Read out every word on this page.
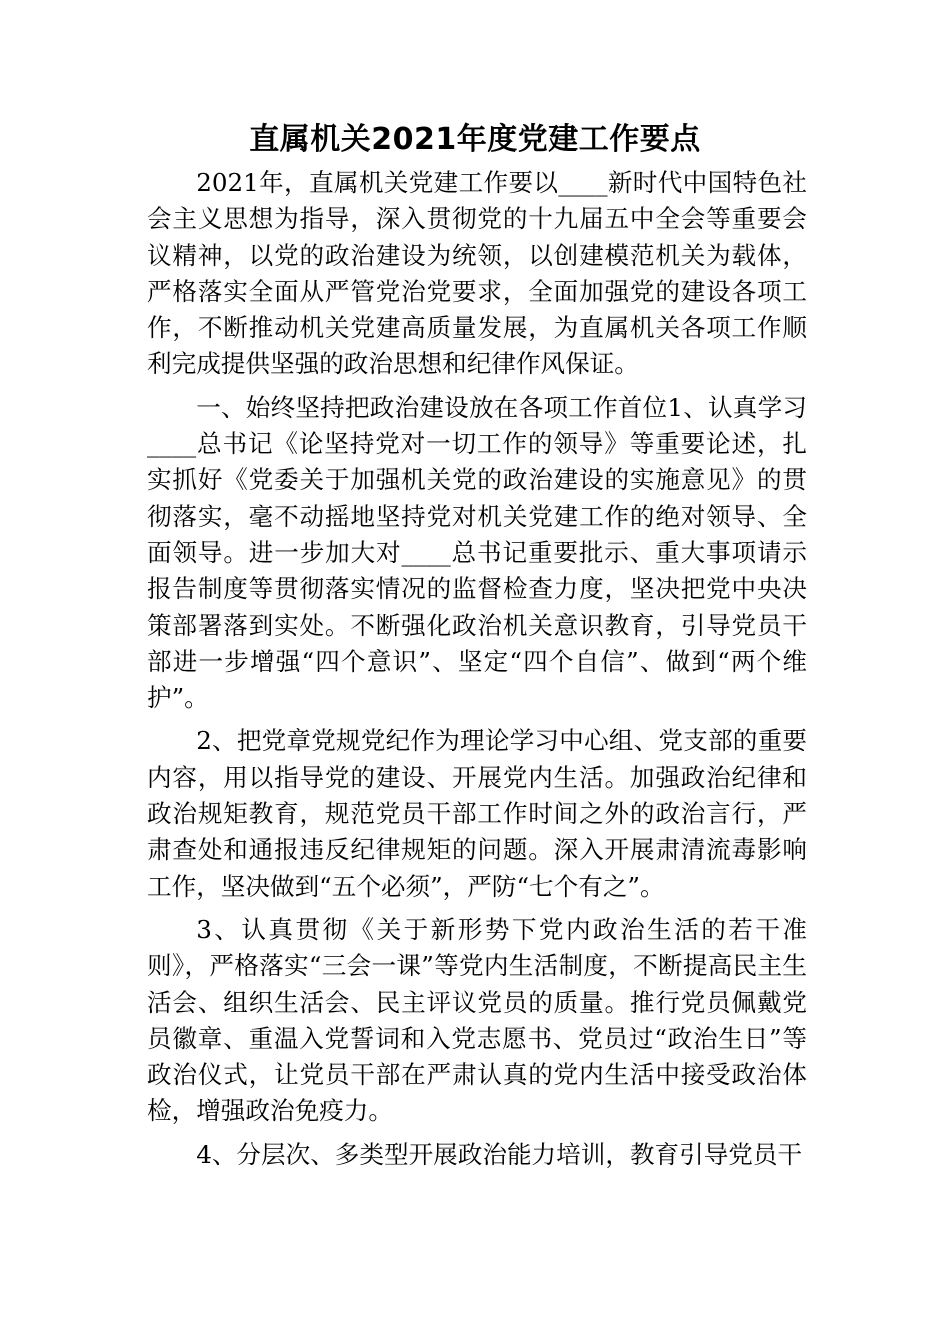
直属机关2021年度党建工作要点

2021年，直属机关党建工作要以____新时代中国特色社会主义思想为指导，深入贯彻党的十九届五中全会等重要会议精神，以党的政治建设为统领，以创建模范机关为载体，严格落实全面从严管党治党要求，全面加强党的建设各项工作，不断推动机关党建高质量发展，为直属机关各项工作顺利完成提供坚强的政治思想和纪律作风保证。

一、始终坚持把政治建设放在各项工作首位1、认真学习____总书记《论坚持党对一切工作的领导》等重要论述，扎实抓好《党委关于加强机关党的政治建设的实施意见》的贯彻落实，毫不动摇地坚持党对机关党建工作的绝对领导、全面领导。进一步加大对____总书记重要批示、重大事项请示报告制度等贯彻落实情况的监督检查力度，坚决把党中央决策部署落到实处。不断强化政治机关意识教育，引导党员干部进一步增强“四个意识”、坚定“四个自信”、做到“两个维护”。

2、把党章党规党纪作为理论学习中心组、党支部的重要内容，用以指导党的建设、开展党内生活。加强政治纪律和政治规矩教育，规范党员干部工作时间之外的政治言行，严肃查处和通报违反纪律规矩的问题。深入开展肃清流毒影响工作，坚决做到“五个必须”，严防“七个有之”。

3、认真贯彻《关于新形势下党内政治生活的若干准则》，严格落实“三会一课”等党内生活制度，不断提高民主生活会、组织生活会、民主评议党员的质量。推行党员佩戴党员徽章、重温入党誓词和入党志愿书、党员过“政治生日”等政治仪式，让党员干部在严肃认真的党内生活中接受政治体检，增强政治免疫力。

4、分层次、多类型开展政治能力培训，教育引导党员干
